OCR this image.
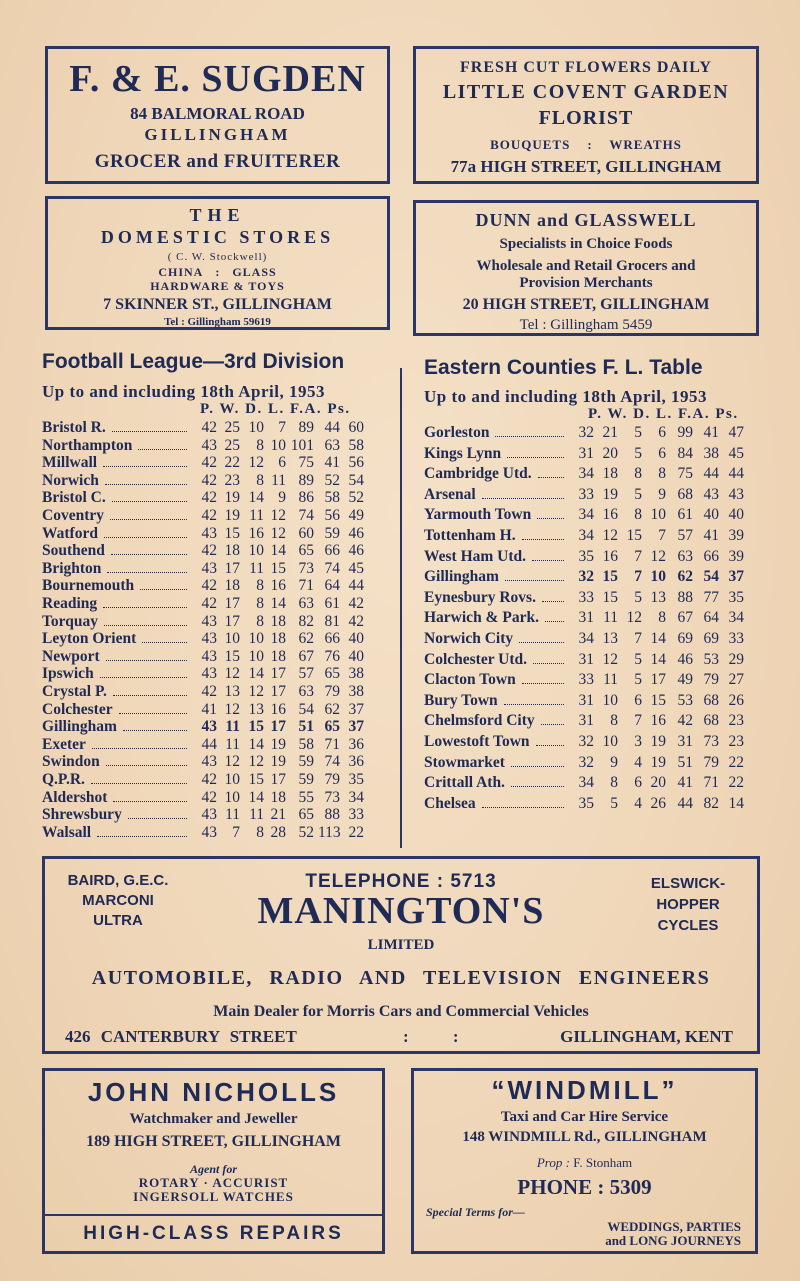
F. & E. SUGDEN
84 BALMORAL ROAD
GILLINGHAM
GROCER and FRUITERER
FRESH CUT FLOWERS DAILY
LITTLE COVENT GARDEN
FLORIST
BOUQUETS : WREATHS
77a HIGH STREET, GILLINGHAM
THE
DOMESTIC STORES
( C. W. Stockwell)
CHINA : GLASS
HARDWARE & TOYS
7 SKINNER ST., GILLINGHAM
Tel : Gillingham 59619
DUNN and GLASSWELL
Specialists in Choice Foods
Wholesale and Retail Grocers and
Provision Merchants
20 HIGH STREET, GILLINGHAM
Tel : Gillingham 5459
Football League—3rd Division
Up to and including 18th April, 1953
P. W. D. L. F.A. Ps.
Bristol R.	42 25 10 7 89 44 60
Northampton	43 25	8 10 101 63 58
Millwall	42 22 12 6 75 41 56
Norwich	42 23	8 11 89 52 54
Bristol C.	42 19 14 9 86 58 52
Coventry	42 19 11 12 74 56 49
Watford	43 15 16 12 60 59 46
Southend	42 18 10 14 65 66 46
Brighton	43 17 11 15 73 74 45
Bournemouth	42 18	8 16 71 64 44
Reading	42 17	8 14 63 61 42
Torquay	43 17	8 18 82 81 42
Leyton Orient	43 10 10 18 62 66 40
Newport	43 15 10 18 67 76 40
Ipswich	43 12 14 17 57 65 38
Crystal P.	42 13 12 17 63 79 38
Colchester	41 12 13 16 54 62 37
Gillingham	43 11 15 17 51 65 37
Exeter	44 11 14 19 58 71 36
Swindon	43 12 12 19 59 74 36
Q.P.R.	42 10 15 17 59 79 35
Aldershot	42 10 14 18 55 73 34
Shrewsbury	43 11 11 21 65 88 33
Walsall	43 7	8 28 52 113 22
Eastern Counties F. L. Table
Up to and including 18th April, 1953
P. W. D. L. F.A. Ps.
Gorleston	32 21	5	6 99 41 47
Kings Lynn	31 20	5	6 84 38 45
Cambridge Utd.	34 18	8	8 75 44 44
Arsenal	33 19	5	9 68 43 43
Yarmouth Town	34 16	8 10 61 40 40
Tottenham H.	34 12 15	7 57 41 39
West Ham Utd.	35 16	7 12 63 66 39
Gillingham	32 15	7 10 62 54 37
Eynesbury Rovs.	33 15	5 13 88 77 35
Harwich & Park.	31 11 12	8 67 64 34
Norwich City	34 13	7 14 69 69 33
Colchester Utd.	31 12	5 14 46 53 29
Clacton Town	33 11	5 17 49 79 27
Bury Town	31 10	6 15 53 68 26
Chelmsford City	31	8	7 16 42 68 23
Lowestoft Town	32 10	3 19 31 73 23
Stowmarket	32	9	4 19 51 79 22
Crittall Ath.	34	8	6 20 41 71 22
Chelsea	35	5	4 26 44 82 14
BAIRD, G.E.C.
MARCONI
ULTRA
TELEPHONE : 5713
MANINGTON'S
LIMITED
ELSWICK-
HOPPER
CYCLES
AUTOMOBILE, RADIO AND TELEVISION ENGINEERS
Main Dealer for Morris Cars and Commercial Vehicles
426 CANTERBURY STREET	: :	GILLINGHAM, KENT
JOHN NICHOLLS
Watchmaker and Jeweller
189 HIGH STREET, GILLINGHAM
Agent for
ROTARY · ACCURIST
INGERSOLL WATCHES
HIGH-CLASS REPAIRS
“WINDMILL”
Taxi and Car Hire Service
148 WINDMILL Rd., GILLINGHAM
Prop : F. Stonham
PHONE : 5309
Special Terms for—
WEDDINGS, PARTIES
and LONG JOURNEYS
